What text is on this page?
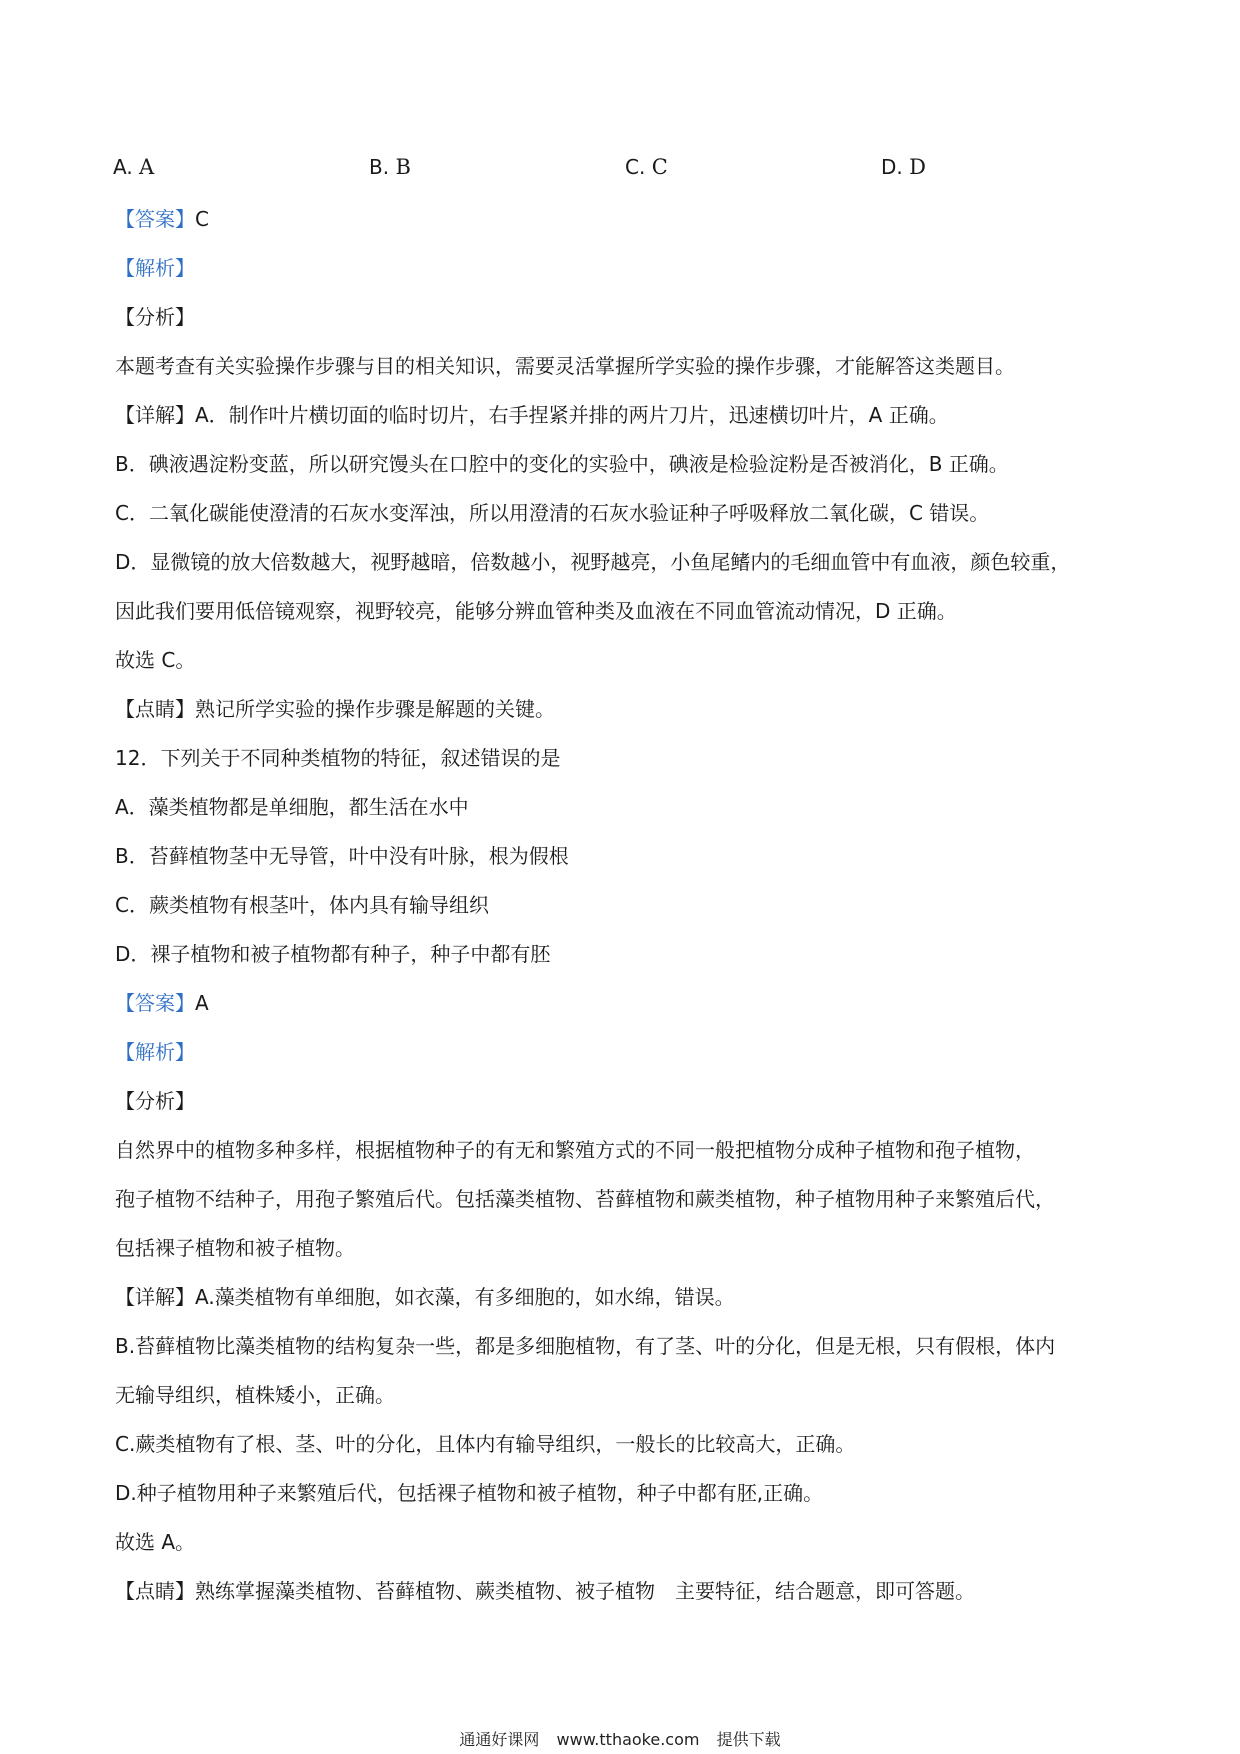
A. A	B. B	C. C	D. D
【答案】C
【解析】
【分析】
本题考查有关实验操作步骤与目的相关知识，需要灵活掌握所学实验的操作步骤，才能解答这类题目。
【详解】A．制作叶片横切面的临时切片，右手捏紧并排的两片刀片，迅速横切叶片，A 正确。
B．碘液遇淀粉变蓝，所以研究馒头在口腔中的变化的实验中，碘液是检验淀粉是否被消化，B 正确。
C．二氧化碳能使澄清的石灰水变浑浊，所以用澄清的石灰水验证种子呼吸释放二氧化碳，C 错误。
D．显微镜的放大倍数越大，视野越暗，倍数越小，视野越亮，小鱼尾鳍内的毛细血管中有血液，颜色较重，
因此我们要用低倍镜观察，视野较亮，能够分辨血管种类及血液在不同血管流动情况，D 正确。
故选 C。
【点睛】熟记所学实验的操作步骤是解题的关键。
12．下列关于不同种类植物的特征，叙述错误的是
A．藻类植物都是单细胞，都生活在水中
B．苔藓植物茎中无导管，叶中没有叶脉，根为假根
C．蕨类植物有根茎叶，体内具有输导组织
D．裸子植物和被子植物都有种子，种子中都有胚
【答案】A
【解析】
【分析】
自然界中的植物多种多样，根据植物种子的有无和繁殖方式的不同一般把植物分成种子植物和孢子植物，
孢子植物不结种子，用孢子繁殖后代。包括藻类植物、苔藓植物和蕨类植物，种子植物用种子来繁殖后代，
包括裸子植物和被子植物。
【详解】A.藻类植物有单细胞，如衣藻，有多细胞的，如水绵，错误。
B.苔藓植物比藻类植物的结构复杂一些，都是多细胞植物，有了茎、叶的分化，但是无根，只有假根，体内
无输导组织，植株矮小，正确。
C.蕨类植物有了根、茎、叶的分化，且体内有输导组织，一般长的比较高大，正确。
D.种子植物用种子来繁殖后代，包括裸子植物和被子植物，种子中都有胚,正确。
故选 A。
【点睛】熟练掌握藻类植物、苔藓植物、蕨类植物、被子植物　主要特征，结合题意，即可答题。
通通好课网 www.tthaoke.com 提供下载
